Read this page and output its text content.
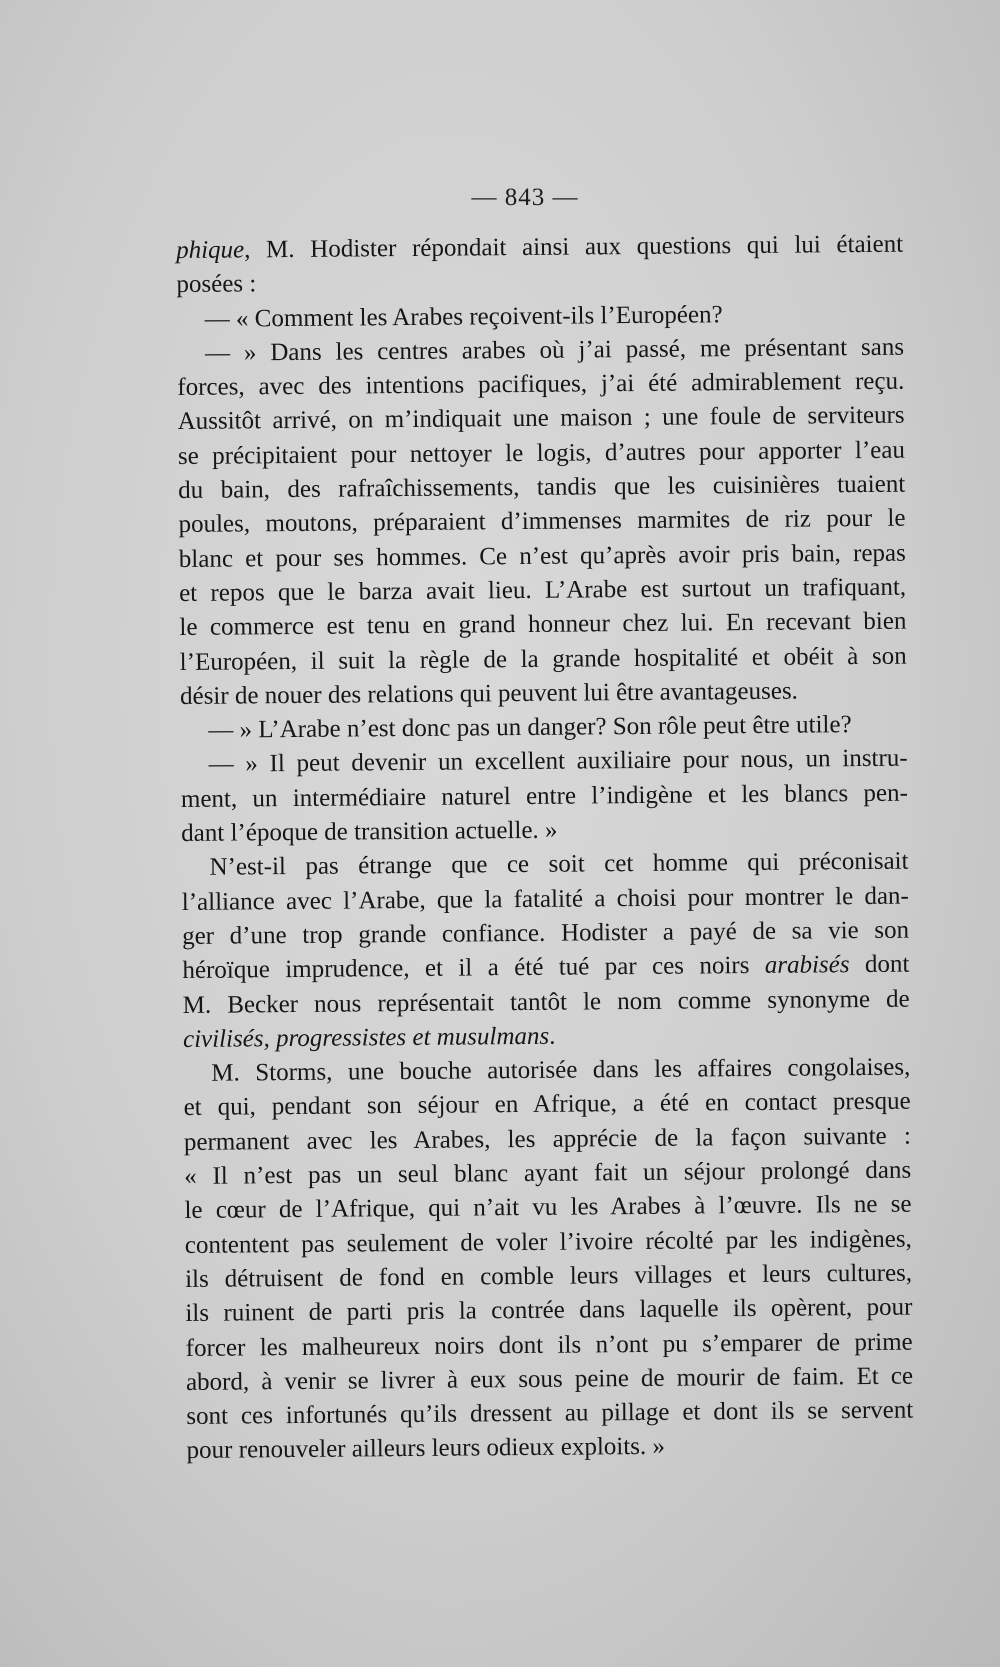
— 843 —
phique, M. Hodister répondait ainsi aux questions qui lui étaient
posées :
— « Comment les Arabes reçoivent-ils l’Européen?
— » Dans les centres arabes où j’ai passé, me présentant sans
forces, avec des intentions pacifiques, j’ai été admirablement reçu.
Aussitôt arrivé, on m’indiquait une maison ; une foule de serviteurs
se précipitaient pour nettoyer le logis, d’autres pour apporter l’eau
du bain, des rafraîchissements, tandis que les cuisinières tuaient
poules, moutons, préparaient d’immenses marmites de riz pour le
blanc et pour ses hommes. Ce n’est qu’après avoir pris bain, repas
et repos que le barza avait lieu. L’Arabe est surtout un trafiquant,
le commerce est tenu en grand honneur chez lui. En recevant bien
l’Européen, il suit la règle de la grande hospitalité et obéit à son
désir de nouer des relations qui peuvent lui être avantageuses.
— » L’Arabe n’est donc pas un danger? Son rôle peut être utile?
— » Il peut devenir un excellent auxiliaire pour nous, un instru-
ment, un intermédiaire naturel entre l’indigène et les blancs pen-
dant l’époque de transition actuelle. »
N’est-il pas étrange que ce soit cet homme qui préconisait
l’alliance avec l’Arabe, que la fatalité a choisi pour montrer le dan-
ger d’une trop grande confiance. Hodister a payé de sa vie son
héroïque imprudence, et il a été tué par ces noirs arabisés dont
M. Becker nous représentait tantôt le nom comme synonyme de
civilisés, progressistes et musulmans.
M. Storms, une bouche autorisée dans les affaires congolaises,
et qui, pendant son séjour en Afrique, a été en contact presque
permanent avec les Arabes, les apprécie de la façon suivante :
« Il n’est pas un seul blanc ayant fait un séjour prolongé dans
le cœur de l’Afrique, qui n’ait vu les Arabes à l’œuvre. Ils ne se
contentent pas seulement de voler l’ivoire récolté par les indigènes,
ils détruisent de fond en comble leurs villages et leurs cultures,
ils ruinent de parti pris la contrée dans laquelle ils opèrent, pour
forcer les malheureux noirs dont ils n’ont pu s’emparer de prime
abord, à venir se livrer à eux sous peine de mourir de faim. Et ce
sont ces infortunés qu’ils dressent au pillage et dont ils se servent
pour renouveler ailleurs leurs odieux exploits. »
